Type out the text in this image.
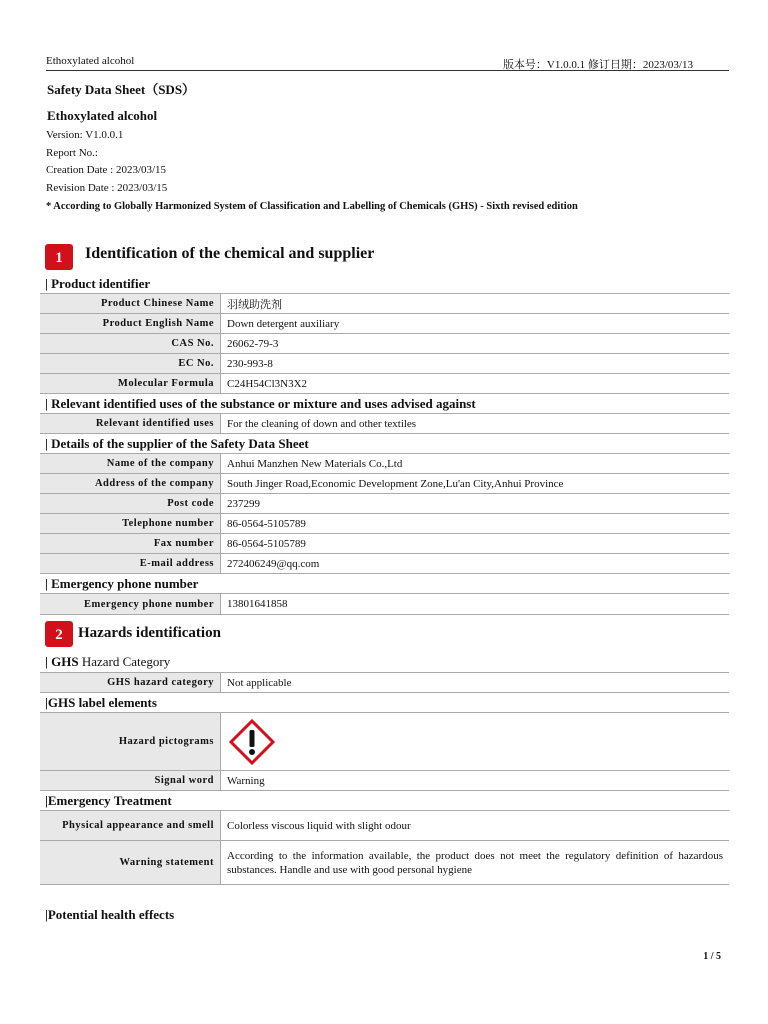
Ethoxylated alcohol	版本号：V1.0.0.1 修订日期：2023/03/13
Safety Data Sheet（SDS）
Ethoxylated alcohol
Version: V1.0.0.1
Report No.:
Creation Date : 2023/03/15
Revision Date : 2023/03/15
* According to Globally Harmonized System of Classification and Labelling of Chemicals (GHS) - Sixth revised edition
1	Identification of the chemical and supplier
| Product identifier
Product Chinese Name	羽绒助洗剂
Product English Name	Down detergent auxiliary
CAS No.	26062-79-3
EC No.	230-993-8
Molecular Formula	C24H54Cl3N3X2
| Relevant identified uses of the substance or mixture and uses advised against
Relevant identified uses	For the cleaning of down and other textiles
| Details of the supplier of the Safety Data Sheet
Name of the company	Anhui Manzhen New Materials Co.,Ltd
Address of the company	South Jinger Road,Economic Development Zone,Lu'an City,Anhui Province
Post code	237299
Telephone number	86-0564-5105789
Fax number	86-0564-5105789
E-mail address	272406249@qq.com
| Emergency phone number
Emergency phone number	13801641858
2	Hazards identification
| GHS Hazard Category
GHS hazard category	Not applicable
|GHS label elements
Hazard pictograms	
Signal word	Warning
|Emergency Treatment
Physical appearance and smell	Colorless viscous liquid with slight odour
Warning statement	According to the information available, the product does not meet the regulatory definition of hazardous substances. Handle and use with good personal hygiene
|Potential health effects
1 / 5
